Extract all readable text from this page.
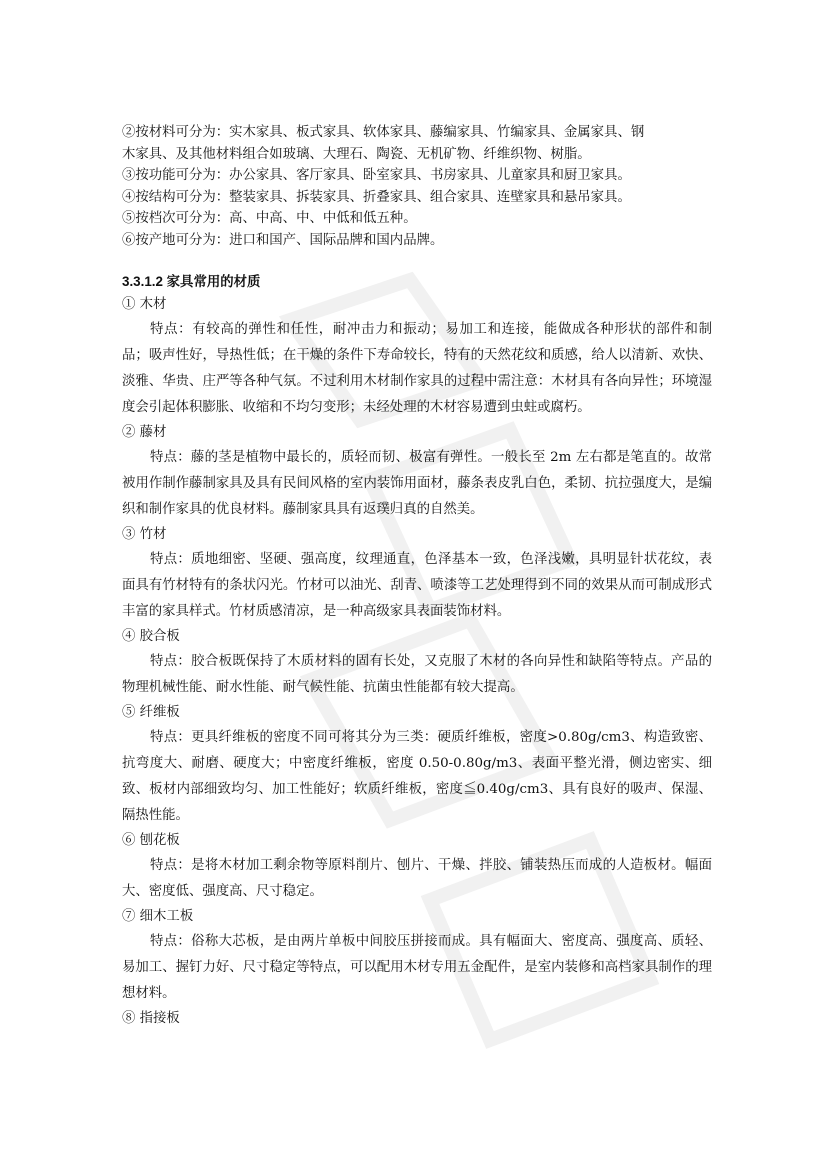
②按材料可分为：实木家具、板式家具、软体家具、藤编家具、竹编家具、金属家具、钢
木家具、及其他材料组合如玻璃、大理石、陶瓷、无机矿物、纤维织物、树脂。
③按功能可分为：办公家具、客厅家具、卧室家具、书房家具、儿童家具和厨卫家具。
④按结构可分为：整装家具、拆装家具、折叠家具、组合家具、连壁家具和悬吊家具。
⑤按档次可分为：高、中高、中、中低和低五种。
⑥按产地可分为：进口和国产、国际品牌和国内品牌。
3.3.1.2 家具常用的材质
① 木材
特点：有较高的弹性和任性，耐冲击力和振动；易加工和连接，能做成各种形状的部件和制品；吸声性好，导热性低；在干燥的条件下寿命较长，特有的天然花纹和质感，给人以清新、欢快、淡雅、华贵、庄严等各种气氛。不过利用木材制作家具的过程中需注意：木材具有各向异性；环境湿度会引起体积膨胀、收缩和不均匀变形；未经处理的木材容易遭到虫蛀或腐朽。
② 藤材
特点：藤的茎是植物中最长的，质轻而韧、极富有弹性。一般长至 2m 左右都是笔直的。故常被用作制作藤制家具及具有民间风格的室内装饰用面材，藤条表皮乳白色，柔韧、抗拉强度大，是编织和制作家具的优良材料。藤制家具具有返璞归真的自然美。
③ 竹材
特点：质地细密、坚硬、强高度，纹理通直，色泽基本一致，色泽浅嫩，具明显针状花纹，表面具有竹材特有的条状闪光。竹材可以油光、刮青、喷漆等工艺处理得到不同的效果从而可制成形式丰富的家具样式。竹材质感清凉，是一种高级家具表面装饰材料。
④ 胶合板
特点：胶合板既保持了木质材料的固有长处，又克服了木材的各向异性和缺陷等特点。产品的物理机械性能、耐水性能、耐气候性能、抗菌虫性能都有较大提高。
⑤ 纤维板
特点：更具纤维板的密度不同可将其分为三类：硬质纤维板，密度>0.80g/cm3、构造致密、抗弯度大、耐磨、硬度大；中密度纤维板，密度 0.50-0.80g/m3、表面平整光滑，侧边密实、细致、板材内部细致均匀、加工性能好；软质纤维板，密度≦0.40g/cm3、具有良好的吸声、保湿、隔热性能。
⑥ 刨花板
特点：是将木材加工剩余物等原料削片、刨片、干燥、拌胶、铺装热压而成的人造板材。幅面大、密度低、强度高、尺寸稳定。
⑦ 细木工板
特点：俗称大芯板，是由两片单板中间胶压拼接而成。具有幅面大、密度高、强度高、质轻、易加工、握钉力好、尺寸稳定等特点，可以配用木材专用五金配件，是室内装修和高档家具制作的理想材料。
⑧ 指接板
